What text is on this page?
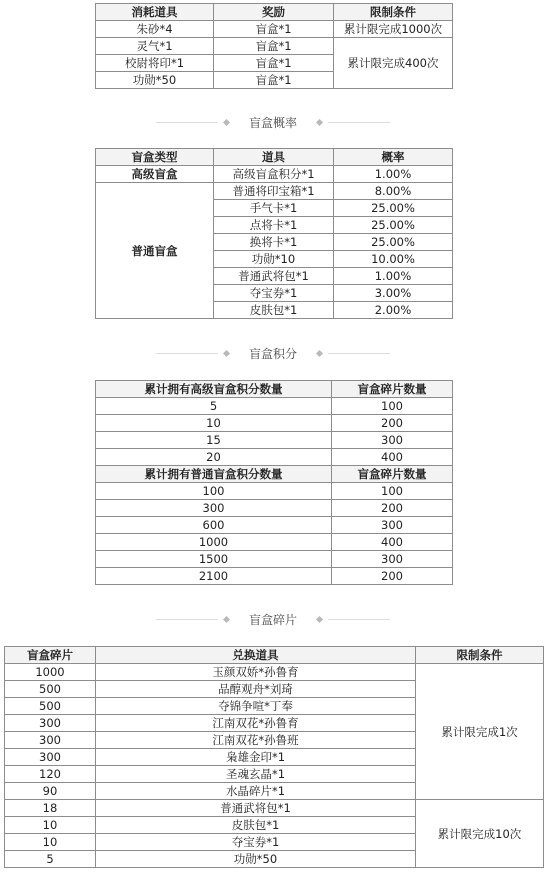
消耗道具	奖励	限制条件
朱砂*4	盲盒*1	累计限完成1000次
灵气*1	盲盒*1	累计限完成400次
校尉将印*1	盲盒*1	
功勋*50	盲盒*1	
盲盒概率
盲盒类型	道具	概率
高级盲盒	高级盲盒积分*1	1.00%
普通盲盒	普通将印宝箱*1	8.00%
	手气卡*1	25.00%
	点将卡*1	25.00%
	换将卡*1	25.00%
	功勋*10	10.00%
	普通武将包*1	1.00%
	夺宝券*1	3.00%
	皮肤包*1	2.00%
盲盒积分
累计拥有高级盲盒积分数量	盲盒碎片数量
5	100
10	200
15	300
20	400
累计拥有普通盲盒积分数量	盲盒碎片数量
100	100
300	200
600	300
1000	400
1500	300
2100	200
盲盒碎片
盲盒碎片	兑换道具	限制条件
1000	玉颜双娇*孙鲁育	累计限完成1次
500	品醇观舟*刘琦	
500	夺锦争喧*丁奉	
300	江南双花*孙鲁育	
300	江南双花*孙鲁班	
300	枭雄金印*1	
120	圣魂玄晶*1	
90	水晶碎片*1	
18	普通武将包*1	累计限完成10次
10	皮肤包*1	
10	夺宝券*1	
5	功勋*50	
